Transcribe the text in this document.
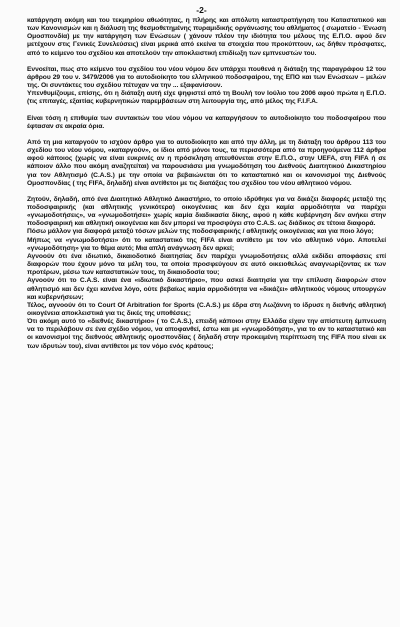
-2-

κατάργηση ακόμη και του τεκμηρίου αθωότητας, η πλήρης και απόλυτη καταστρατήγηση του Καταστατικού και των Κανονισμών και η διάλυση της θεσμοθετημένης πυραμιδικής οργάνωσης του αθλήματος ( σωματείο - Ένωση Ομοσπονδία) με την κατάργηση των Ενώσεων ( χάνουν πλέον την ιδιότητα του μέλους της Ε.Π.Ο. αφού δεν μετέχουν στις Γενικές Συνελεύσεις) είναι μερικά από εκείνα τα στοιχεία που προκύπτουν, ως δήθεν πρόσφατες, από το κείμενο του σχεδίου και αποτελούν την αποκλειστική επιδίωξη των εμπνευστών του.

Εννοείται, πως στο κείμενο του σχεδίου του νέου νόμου δεν υπάρχει πουθενά η διάταξη της παραγράφου 12 του άρθρου 29 του ν. 3479/2006 για το αυτοδιοίκητο του ελληνικού ποδοσφαίρου, της ΕΠΟ και των Ενώσεων – μελών της. Οι συντάκτες του σχεδίου πέτυχαν να την ... εξαφανίσουν.

Υπενθυμίζουμε, επίσης, ότι η διάταξη αυτή είχε ψηφιστεί από τη Βουλή τον Ιούλιο του 2006 αφού πρώτα η Ε.Π.Ο. (τις επιταγές, εξαιτίας κυβερνητικών παρεμβάσεων στη λειτουργία της, από μέλος της F.I.F.A.

Είναι τόση η επιθυμία των συντακτών του νέου νόμου να καταργήσουν το αυτοδιοίκητο του ποδοσφαίρου που έφτασαν σε ακραία όρια.

Από τη μια καταργούν το ισχύον άρθρο για το αυτοδιοίκητο και από την άλλη, με τη διάταξη του άρθρου 113 του σχεδίου του νέου νόμου, «καταργούν», οι ίδιοι από μόνοι τους, τα περισσότερα από τα προηγούμενα 112 άρθρα αφού κάποιος (χωρίς να είναι ευκρινές αν η πρόσκληση απευθύνεται στην Ε.Π.Ο., στην UEFA, στη FIFA ή σε κάποιον άλλο που ακόμη αναζητείται) να παρουσιάσει μια γνωμοδότηση του Διεθνούς Διαιτητικού Δικαστηρίου για τον Αθλητισμό (C.A.S.) με την οποία να βεβαιώνεται ότι το καταστατικό και οι κανονισμοί της Διεθνούς Ομοσπονδίας ( της FIFA, δηλαδή) είναι αντίθετοι με τις διατάξεις του σχεδίου του νέου αθλητικού νόμου.

Ζητούν, δηλαδή, από ένα Διαιτητικό Αθλητικό Δικαστήριο, το οποίο ιδρύθηκε για να δικάζει διαφορές μεταξύ της ποδοσφαιρικής (και αθλητικής γενικότερα) οικογένειας και δεν έχει καμία αρμοδιότητα να παρέχει «γνωμοδοτήσεις», να «γνωμοδοτήσει» χωρίς καμία διαδικασία δίκης, αφού η κάθε κυβέρνηση δεν ανήκει στην ποδοσφαιρική και αθλητική οικογένεια και δεν μπορεί να προσφύγει στο C.A.S. ως διάδικος σε τέτοια διαφορά.

Πόσω μάλλον για διαφορά μεταξύ τόσων μελών της ποδοσφαιρικής / αθλητικής οικογένειας και για ποιο λόγο;

Μήπως να «γνωμοδοτήσει» ότι το καταστατικό της FIFA είναι αντίθετο με τον νέο αθλητικό νόμο. Αποτελεί «γνωμοδότηση» για το θέμα αυτό; Μια απλή ανάγνωση δεν αρκεί;

Αγνοούν ότι ένα ιδιωτικό, δικαιοδοτικό διαιτησίας δεν παρέχει γνωμοδοτήσεις αλλά εκδίδει αποφάσεις επί διαφορών που έχουν μόνο τα μέλη του, τα οποία προσφεύγουν σε αυτό οικειοθελώς αναγνωρίζοντας εκ των προτέρων, μέσω των καταστατικών τους, τη δικαιοδοσία του;

Αγνοούν ότι το C.A.S. είναι ένα «ιδιωτικό δικαστήριο», που ασκεί διαιτησία για την επίλυση διαφορών στον αθλητισμό και δεν έχει κανένα λόγο, ούτε βεβαίως καμία αρμοδιότητα να «δικάζει» αθλητικούς νόμους υπουργών και κυβερνήσεων;

Τέλος, αγνοούν ότι το Court Of Arbitration for Sports (C.A.S.) με έδρα στη Λωζάννη το ίδρυσε η διεθνής αθλητική οικογένεια αποκλειστικά για τις δικές της υποθέσεις;

Ότι ακόμη αυτό το «διεθνές δικαστήριο» ( το C.A.S.), επειδή κάποιοι στην Ελλάδα είχαν την απίστευτη έμπνευση να το περιλάβουν σε ένα σχέδιο νόμου, να αποφανθεί, έστω και με «γνωμοδότηση», για το αν το καταστατικό και οι κανονισμοί της διεθνούς αθλητικής ομοσπονδίας ( δηλαδή στην προκειμένη περίπτωση της FIFA που είναι εκ των ιδρυτών του), είναι αντίθετοι με τον νόμο ενός κράτους;
